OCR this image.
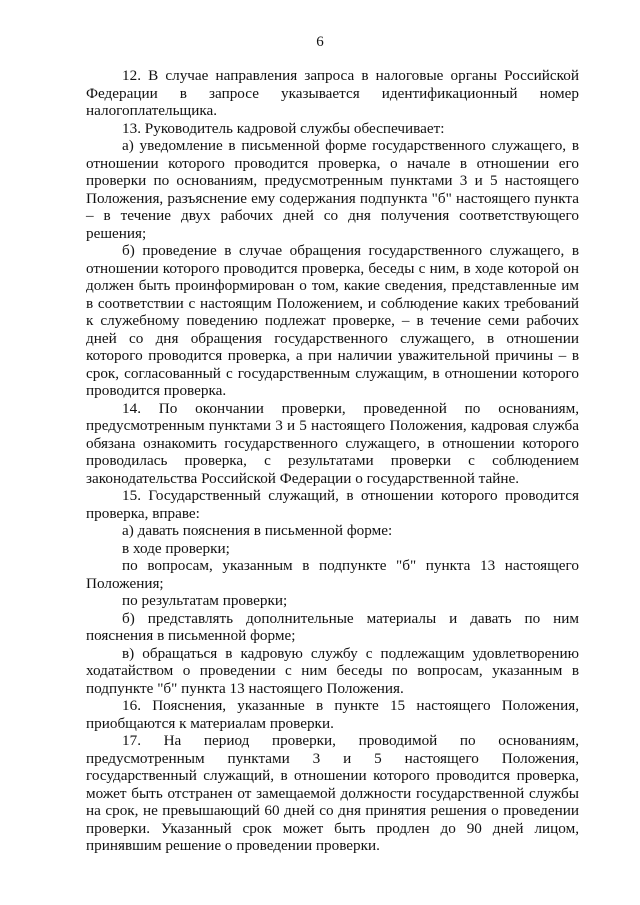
6

12. В случае направления запроса в налоговые органы Российской Федерации в запросе указывается идентификационный номер налогоплательщика.

13. Руководитель кадровой службы обеспечивает:

а) уведомление в письменной форме государственного служащего, в отношении которого проводится проверка, о начале в отношении его проверки по основаниям, предусмотренным пунктами 3 и 5 настоящего Положения, разъяснение ему содержания подпункта "б" настоящего пункта – в течение двух рабочих дней со дня получения соответствующего решения;

б) проведение в случае обращения государственного служащего, в отношении которого проводится проверка, беседы с ним, в ходе которой он должен быть проинформирован о том, какие сведения, представленные им в соответствии с настоящим Положением, и соблюдение каких требований к служебному поведению подлежат проверке, – в течение семи рабочих дней со дня обращения государственного служащего, в отношении которого проводится проверка, а при наличии уважительной причины – в срок, согласованный с государственным служащим, в отношении которого проводится проверка.

14. По окончании проверки, проведенной по основаниям, предусмотренным пунктами 3 и 5 настоящего Положения, кадровая служба обязана ознакомить государственного служащего, в отношении которого проводилась проверка, с результатами проверки с соблюдением законодательства Российской Федерации о государственной тайне.

15. Государственный служащий, в отношении которого проводится проверка, вправе:

а) давать пояснения в письменной форме:

в ходе проверки;

по вопросам, указанным в подпункте "б" пункта 13 настоящего Положения;

по результатам проверки;

б) представлять дополнительные материалы и давать по ним пояснения в письменной форме;

в) обращаться в кадровую службу с подлежащим удовлетворению ходатайством о проведении с ним беседы по вопросам, указанным в подпункте "б" пункта 13 настоящего Положения.

16. Пояснения, указанные в пункте 15 настоящего Положения, приобщаются к материалам проверки.

17. На период проверки, проводимой по основаниям, предусмотренным пунктами 3 и 5 настоящего Положения, государственный служащий, в отношении которого проводится проверка, может быть отстранен от замещаемой должности государственной службы на срок, не превышающий 60 дней со дня принятия решения о проведении проверки. Указанный срок может быть продлен до 90 дней лицом, принявшим решение о проведении проверки.
